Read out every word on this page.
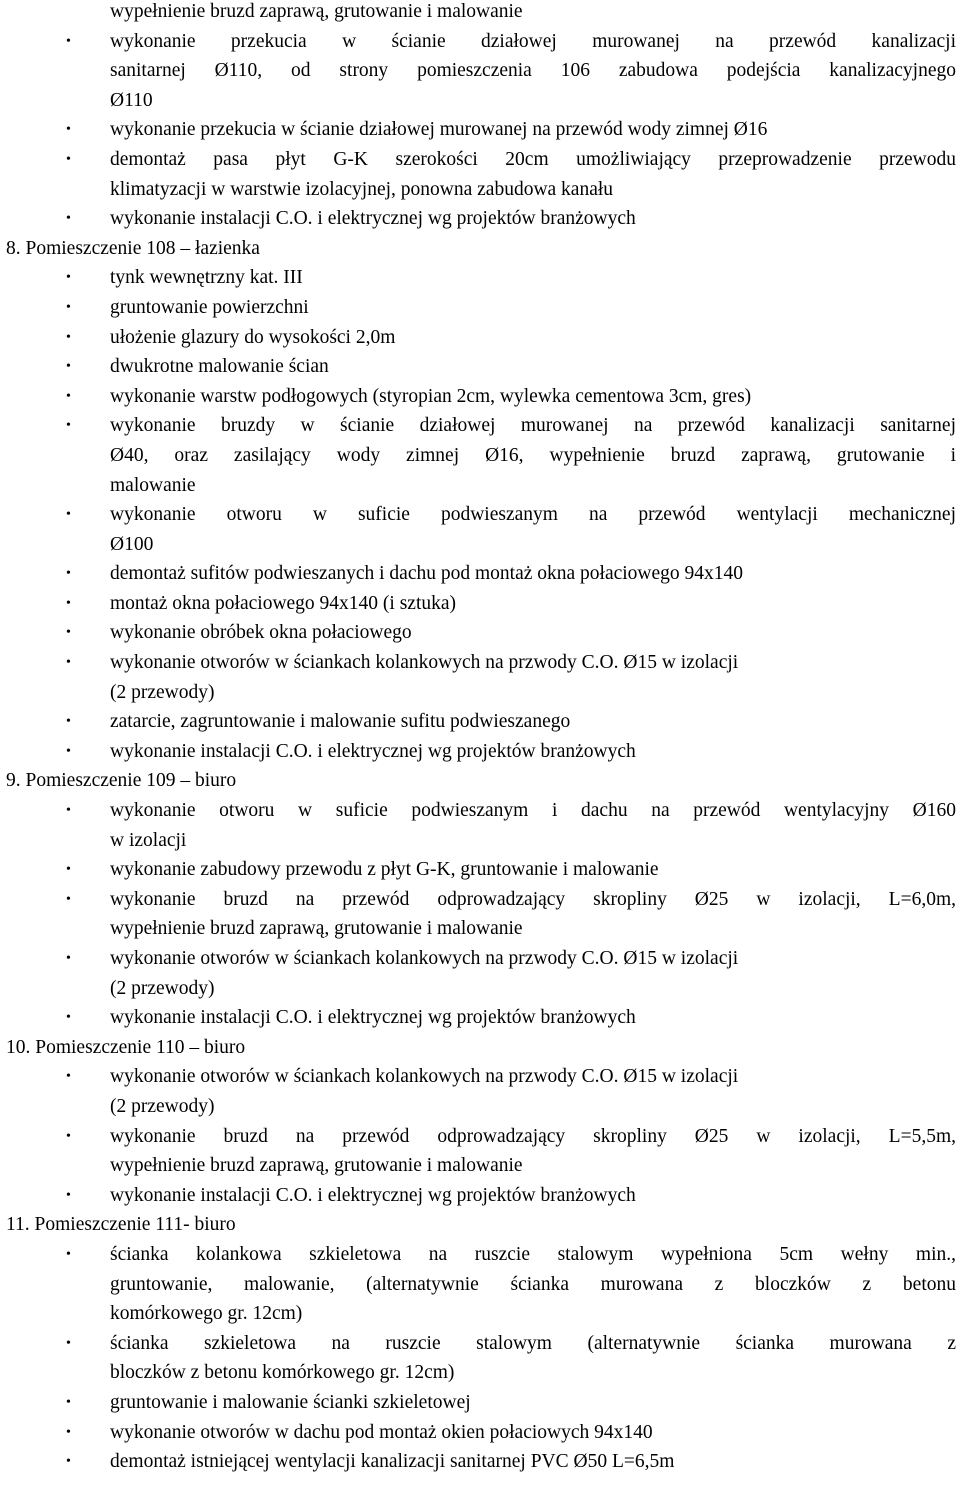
wypełnienie bruzd zaprawą, grutowanie i malowanie
•	wykonanie przekucia w ścianie działowej murowanej na przewód kanalizacji
sanitarnej Ø110, od strony pomieszczenia 106 zabudowa podejścia kanalizacyjnego
Ø110
•	wykonanie przekucia w ścianie działowej murowanej na przewód wody zimnej Ø16
•	demontaż pasa płyt G-K szerokości 20cm umożliwiający przeprowadzenie przewodu
klimatyzacji w warstwie izolacyjnej, ponowna zabudowa kanału
•	wykonanie instalacji C.O. i elektrycznej wg projektów branżowych
8. Pomieszczenie 108 – łazienka
•	tynk wewnętrzny kat. III
•	gruntowanie powierzchni
•	ułożenie glazury do wysokości 2,0m
•	dwukrotne malowanie ścian
•	wykonanie warstw podłogowych (styropian 2cm, wylewka cementowa 3cm, gres)
•	wykonanie bruzdy w ścianie działowej murowanej na przewód kanalizacji sanitarnej
Ø40, oraz zasilający wody zimnej Ø16, wypełnienie bruzd zaprawą, grutowanie i
malowanie
•	wykonanie otworu w suficie podwieszanym na przewód wentylacji mechanicznej
Ø100
•	demontaż sufitów podwieszanych i dachu pod montaż okna połaciowego 94x140
•	montaż okna połaciowego 94x140 (i sztuka)
•	wykonanie obróbek okna połaciowego
•	wykonanie otworów w ściankach kolankowych na przwody C.O. Ø15 w izolacji
(2 przewody)
•	zatarcie, zagruntowanie i malowanie sufitu podwieszanego
•	wykonanie instalacji C.O. i elektrycznej wg projektów branżowych
9. Pomieszczenie 109 – biuro
•	wykonanie otworu w suficie podwieszanym i dachu na przewód wentylacyjny Ø160
w izolacji
•	wykonanie zabudowy przewodu z płyt G-K, gruntowanie i malowanie
•	wykonanie bruzd na przewód odprowadzający skropliny Ø25 w izolacji, L=6,0m,
wypełnienie bruzd zaprawą, grutowanie i malowanie
•	wykonanie otworów w ściankach kolankowych na przwody C.O. Ø15 w izolacji
(2 przewody)
•	wykonanie instalacji C.O. i elektrycznej wg projektów branżowych
10. Pomieszczenie 110 – biuro
•	wykonanie otworów w ściankach kolankowych na przwody C.O. Ø15 w izolacji
(2 przewody)
•	wykonanie bruzd na przewód odprowadzający skropliny Ø25 w izolacji, L=5,5m,
wypełnienie bruzd zaprawą, grutowanie i malowanie
•	wykonanie instalacji C.O. i elektrycznej wg projektów branżowych
11. Pomieszczenie 111- biuro
•	ścianka kolankowa szkieletowa na ruszcie stalowym wypełniona 5cm wełny min.,
gruntowanie, malowanie, (alternatywnie ścianka murowana z bloczków z betonu
komórkowego gr. 12cm)
•	ścianka szkieletowa na ruszcie stalowym (alternatywnie ścianka murowana z
bloczków z betonu komórkowego gr. 12cm)
•	gruntowanie i malowanie ścianki szkieletowej
•	wykonanie otworów w dachu pod montaż okien połaciowych 94x140
•	demontaż istniejącej wentylacji kanalizacji sanitarnej PVC Ø50 L=6,5m
